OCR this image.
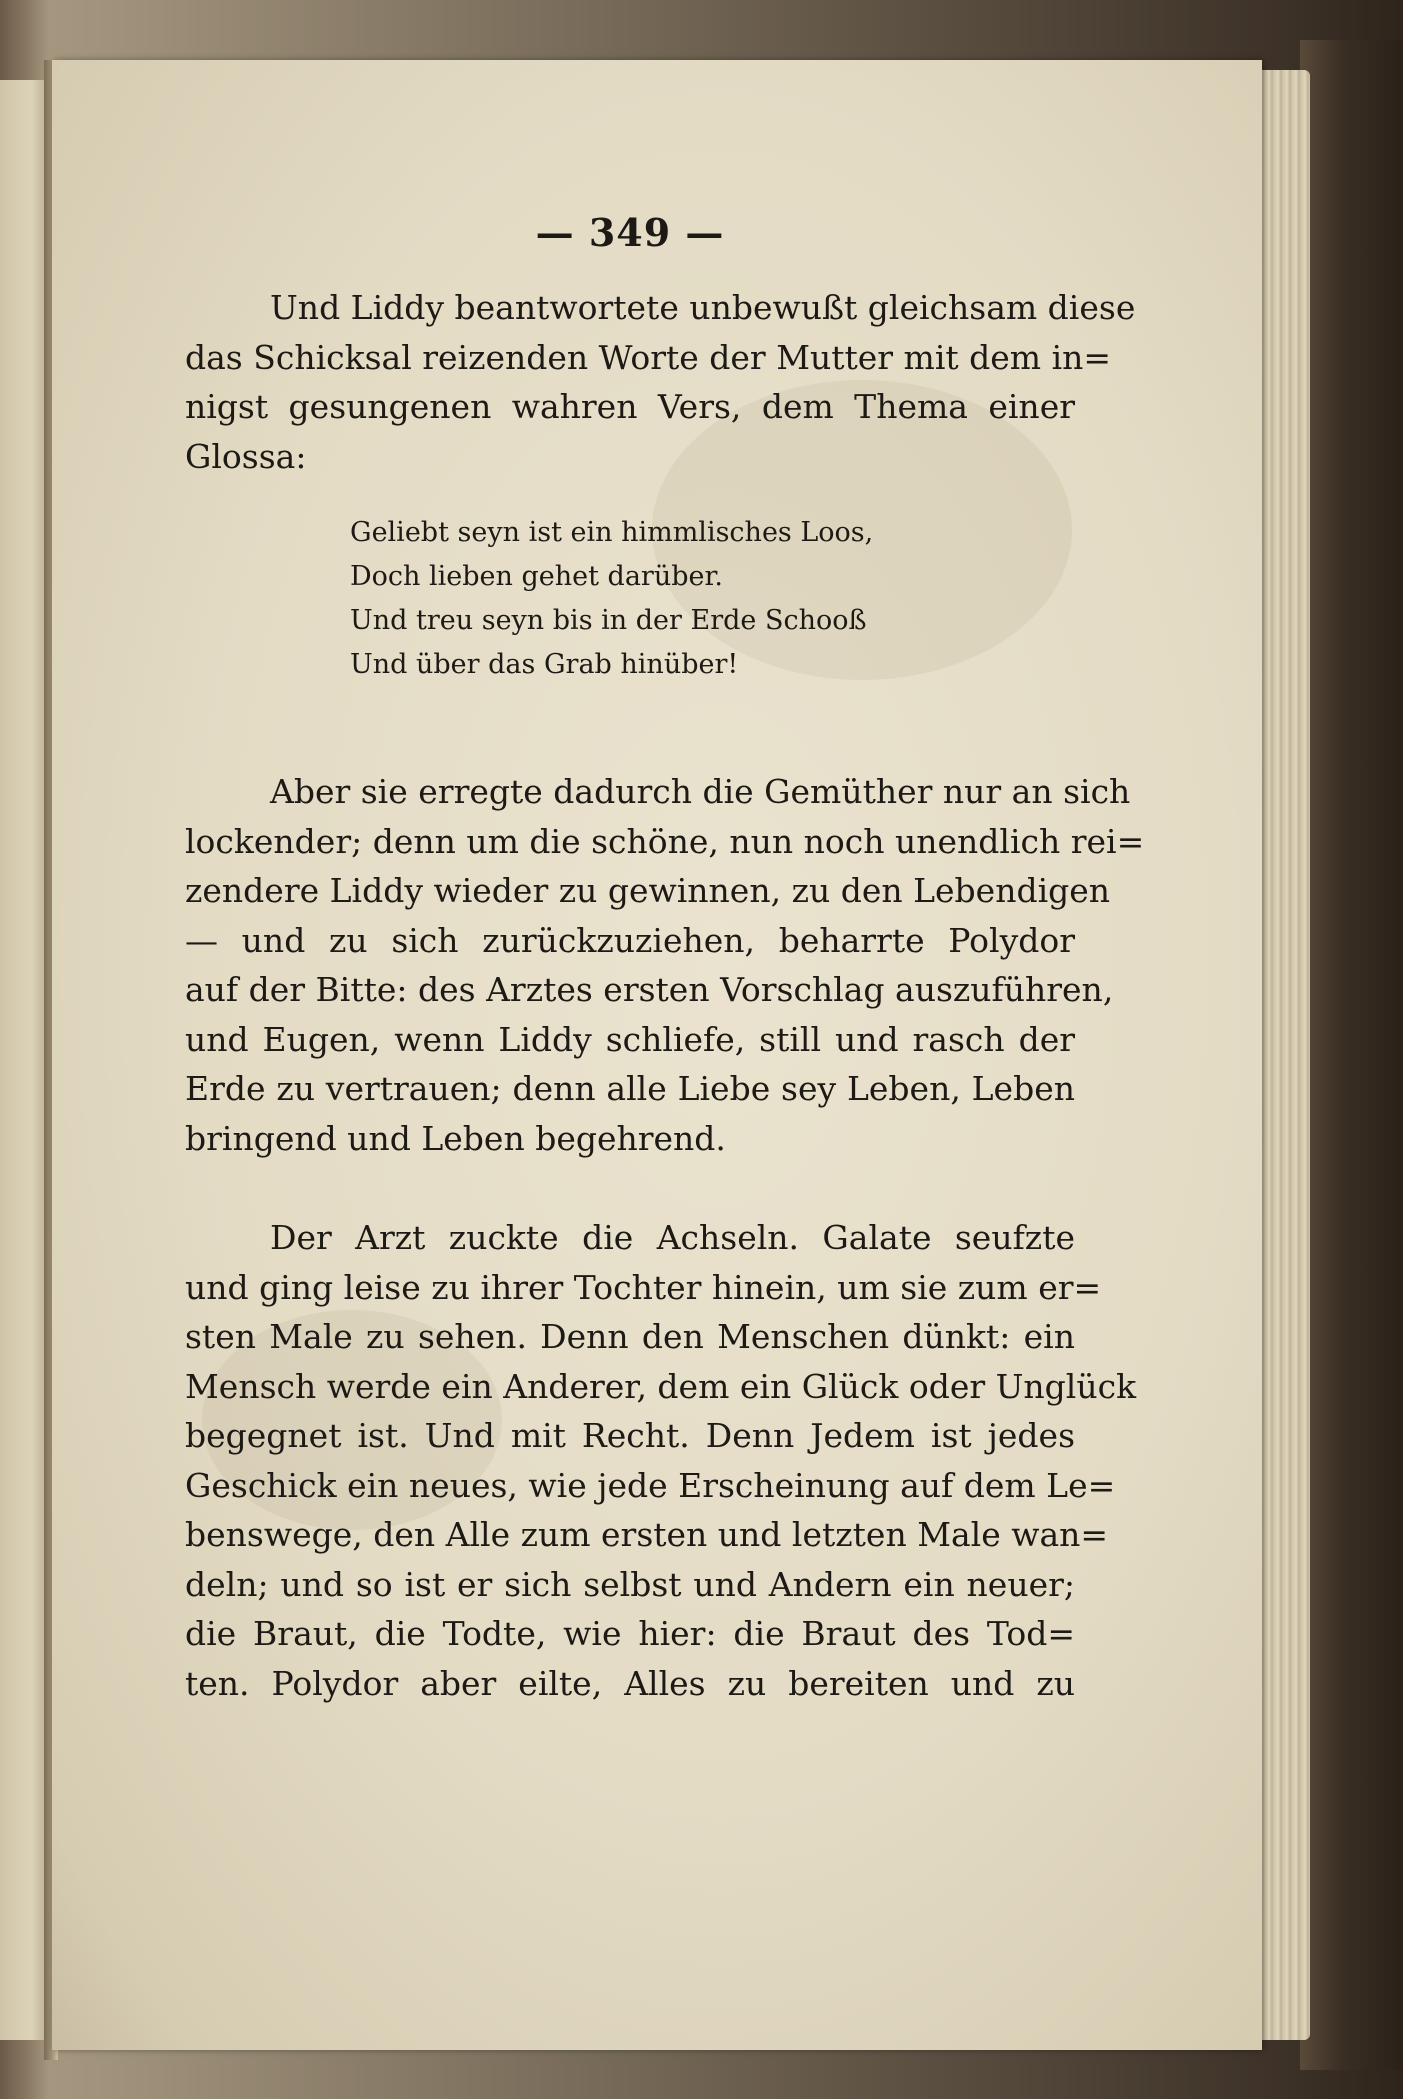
— 349 —

Und Liddy beantwortete unbewußt gleichsam diese
das Schicksal reizenden Worte der Mutter mit dem in=
nigst gesungenen wahren Vers, dem Thema einer
Glossa:

Geliebt seyn ist ein himmlisches Loos,
Doch lieben gehet darüber.
Und treu seyn bis in der Erde Schooß
Und über das Grab hinüber!

Aber sie erregte dadurch die Gemüther nur an sich
lockender; denn um die schöne, nun noch unendlich rei=
zendere Liddy wieder zu gewinnen, zu den Lebendigen
— und zu sich zurückzuziehen, beharrte Polydor
auf der Bitte: des Arztes ersten Vorschlag auszuführen,
und Eugen, wenn Liddy schliefe, still und rasch der
Erde zu vertrauen; denn alle Liebe sey Leben, Leben
bringend und Leben begehrend.

Der Arzt zuckte die Achseln. Galate seufzte
und ging leise zu ihrer Tochter hinein, um sie zum er=
sten Male zu sehen. Denn den Menschen dünkt: ein
Mensch werde ein Anderer, dem ein Glück oder Unglück
begegnet ist. Und mit Recht. Denn Jedem ist jedes
Geschick ein neues, wie jede Erscheinung auf dem Le=
benswege, den Alle zum ersten und letzten Male wan=
deln; und so ist er sich selbst und Andern ein neuer;
die Braut, die Todte, wie hier: die Braut des Tod=
ten. Polydor aber eilte, Alles zu bereiten und zu
